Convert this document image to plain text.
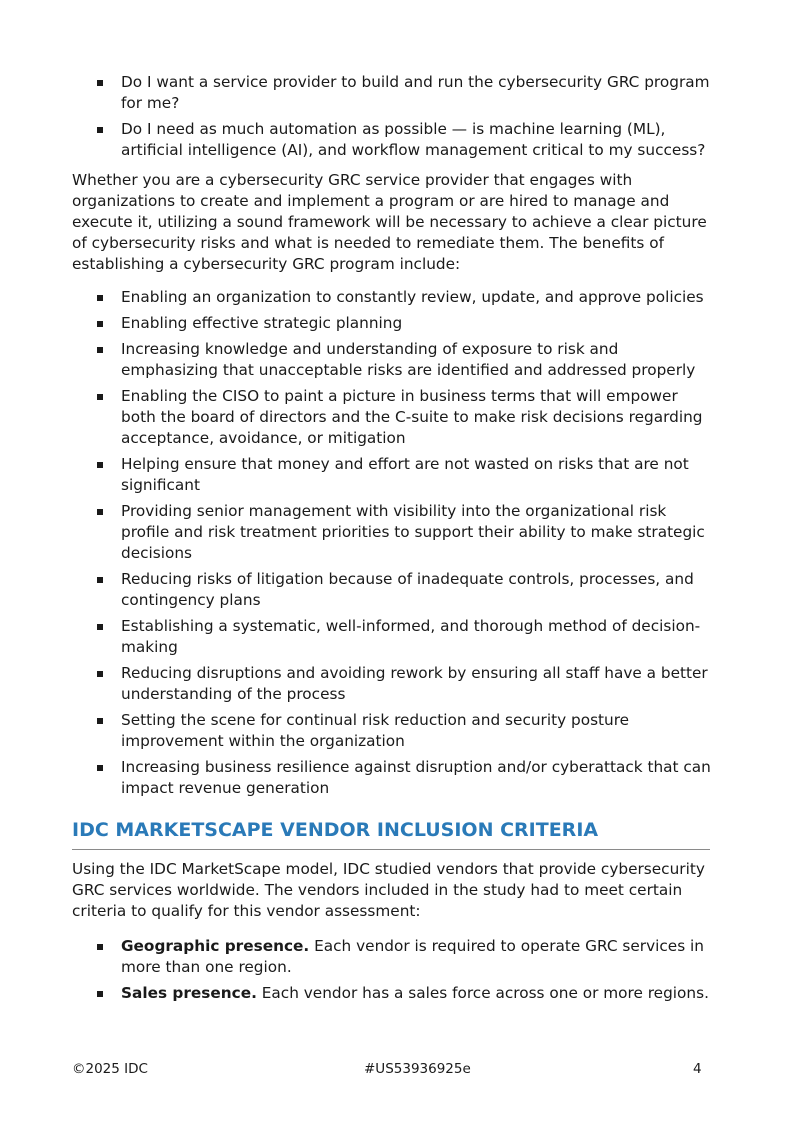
Do I want a service provider to build and run the cybersecurity GRC program for me?
Do I need as much automation as possible — is machine learning (ML), artificial intelligence (AI), and workflow management critical to my success?

Whether you are a cybersecurity GRC service provider that engages with organizations to create and implement a program or are hired to manage and execute it, utilizing a sound framework will be necessary to achieve a clear picture of cybersecurity risks and what is needed to remediate them. The benefits of establishing a cybersecurity GRC program include:

Enabling an organization to constantly review, update, and approve policies
Enabling effective strategic planning
Increasing knowledge and understanding of exposure to risk and emphasizing that unacceptable risks are identified and addressed properly
Enabling the CISO to paint a picture in business terms that will empower both the board of directors and the C-suite to make risk decisions regarding acceptance, avoidance, or mitigation
Helping ensure that money and effort are not wasted on risks that are not significant
Providing senior management with visibility into the organizational risk profile and risk treatment priorities to support their ability to make strategic decisions
Reducing risks of litigation because of inadequate controls, processes, and contingency plans
Establishing a systematic, well-informed, and thorough method of decision-making
Reducing disruptions and avoiding rework by ensuring all staff have a better understanding of the process
Setting the scene for continual risk reduction and security posture improvement within the organization
Increasing business resilience against disruption and/or cyberattack that can impact revenue generation
IDC MARKETSCAPE VENDOR INCLUSION CRITERIA

Using the IDC MarketScape model, IDC studied vendors that provide cybersecurity GRC services worldwide. The vendors included in the study had to meet certain criteria to qualify for this vendor assessment:

Geographic presence. Each vendor is required to operate GRC services in more than one region.
Sales presence. Each vendor has a sales force across one or more regions.
©2025 IDC	#US53936925e	4
